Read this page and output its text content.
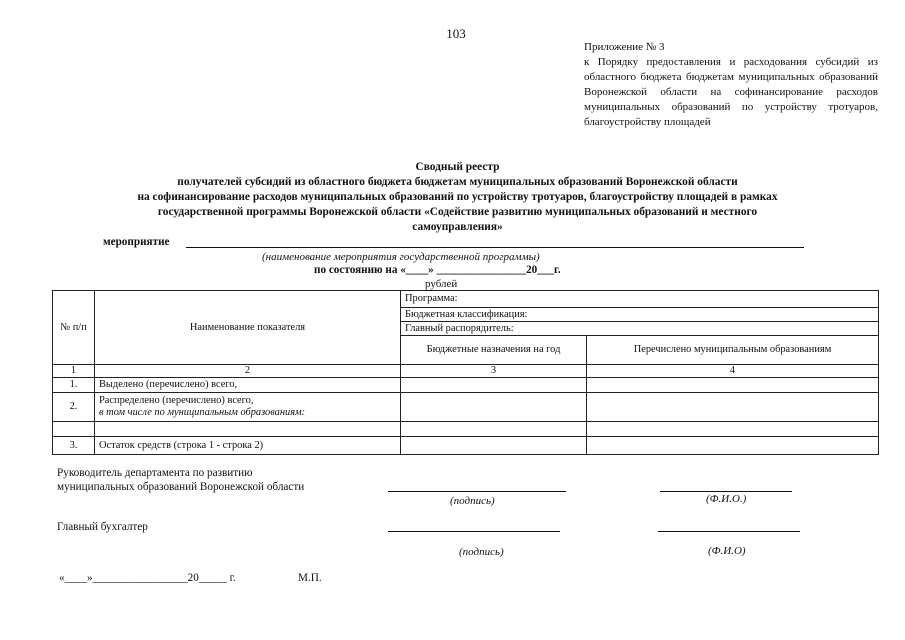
103
Приложение № 3
к Порядку предоставления и расходования субсидий из областного бюджета бюджетам муниципальных образований Воронежской области на софинансирование расходов муниципальных образований по устройству тротуаров, благоустройству площадей
Сводный реестр
получателей субсидий из областного бюджета бюджетам муниципальных образований Воронежской области
на софинансирование расходов муниципальных образований по устройству тротуаров, благоустройству площадей в рамках
государственной программы Воронежской области «Содействие развитию муниципальных образований и местного
самоуправления»
мероприятие
(наименование мероприятия государственной программы)
по состоянию на «____» ________________20___г.
рублей
№ п/п	Наименование показателя	Программа:	
		Бюджетная классификация:	
		Главный распорядитель:	
		Бюджетные назначения на год	Перечислено муниципальным образованиям
1	2	3	4
1.	Выделено (перечислено) всего,		
2.	Распределено (перечислено) всего,
в том числе по муниципальным образованиям:		

3.	Остаток средств (строка 1 - строка 2)		
Руководитель департамента по развитию
муниципальных образований Воронежской области
(подпись)	(Ф.И.О.)
Главный бухгалтер
(подпись)	(Ф.И.О)
«____»_________________20_____ г.	М.П.
